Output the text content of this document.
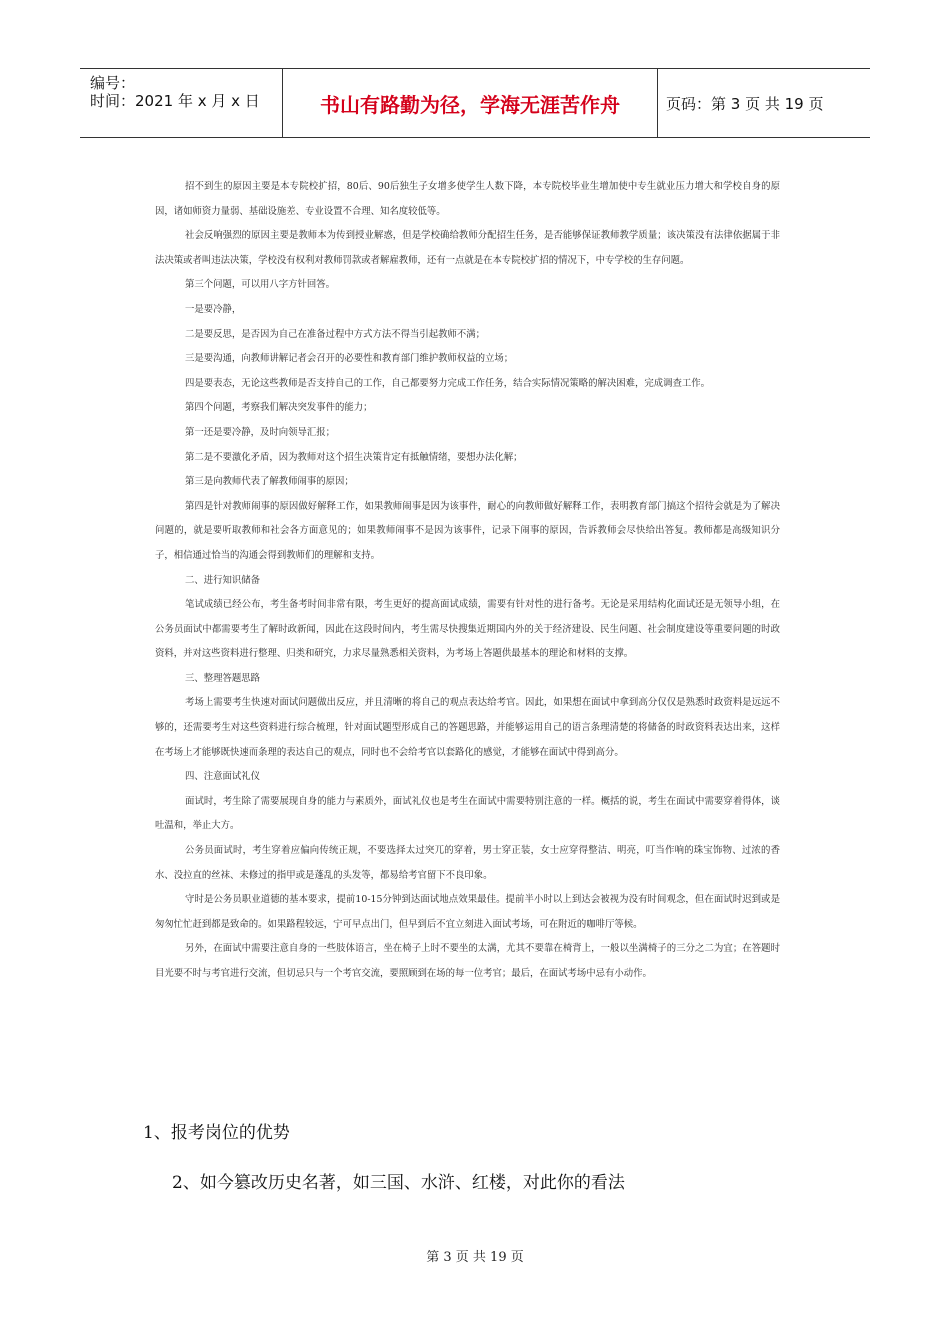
编号：
时间：2021 年 x 月 x 日	书山有路勤为径，学海无涯苦作舟	页码：第 3 页 共 19 页

招不到生的原因主要是本专院校扩招，80后、90后独生子女增多使学生人数下降，本专院校毕业生增加使中专生就业压力增大和学校自身的原因，诸如师资力量弱、基础设施差、专业设置不合理、知名度较低等。

社会反响强烈的原因主要是教师本为传到授业解惑，但是学校确给教师分配招生任务，是否能够保证教师教学质量；该决策没有法律依据属于非法决策或者叫违法决策，学校没有权利对教师罚款或者解雇教师，还有一点就是在本专院校扩招的情况下，中专学校的生存问题。

第三个问题，可以用八字方针回答。

一是要冷静，

二是要反思，是否因为自己在准备过程中方式方法不得当引起教师不满；

三是要沟通，向教师讲解记者会召开的必要性和教育部门维护教师权益的立场；

四是要表态，无论这些教师是否支持自己的工作，自己都要努力完成工作任务，结合实际情况策略的解决困难，完成调查工作。

第四个问题，考察我们解决突发事件的能力；

第一还是要冷静，及时向领导汇报；

第二是不要激化矛盾，因为教师对这个招生决策肯定有抵触情绪，要想办法化解；

第三是向教师代表了解教师闹事的原因；

第四是针对教师闹事的原因做好解释工作，如果教师闹事是因为该事件，耐心的向教师做好解释工作，表明教育部门搞这个招待会就是为了解决问题的，就是要听取教师和社会各方面意见的；如果教师闹事不是因为该事件，记录下闹事的原因，告诉教师会尽快给出答复。教师都是高级知识分子，相信通过恰当的沟通会得到教师们的理解和支持。

二、进行知识储备

笔试成绩已经公布，考生备考时间非常有限，考生更好的提高面试成绩，需要有针对性的进行备考。无论是采用结构化面试还是无领导小组，在公务员面试中都需要考生了解时政新闻，因此在这段时间内，考生需尽快搜集近期国内外的关于经济建设、民生问题、社会制度建设等重要问题的时政资料，并对这些资料进行整理、归类和研究，力求尽量熟悉相关资料，为考场上答题供最基本的理论和材料的支撑。

三、整理答题思路

考场上需要考生快速对面试问题做出反应，并且清晰的将自己的观点表达给考官。因此，如果想在面试中拿到高分仅仅是熟悉时政资料是远远不够的，还需要考生对这些资料进行综合梳理，针对面试题型形成自己的答题思路，并能够运用自己的语言条理清楚的将储备的时政资料表达出来，这样在考场上才能够既快速而条理的表达自己的观点，同时也不会给考官以套路化的感觉，才能够在面试中得到高分。

四、注意面试礼仪

面试时，考生除了需要展现自身的能力与素质外，面试礼仪也是考生在面试中需要特别注意的一样。概括的说，考生在面试中需要穿着得体，谈吐温和，举止大方。

公务员面试时，考生穿着应偏向传统正规，不要选择太过突兀的穿着，男士穿正装，女士应穿得整洁、明亮，叮当作响的珠宝饰物、过浓的香水、没拉直的丝袜、未修过的指甲或是蓬乱的头发等，都易给考官留下不良印象。

守时是公务员职业道德的基本要求，提前10-15分钟到达面试地点效果最佳。提前半小时以上到达会被视为没有时间观念，但在面试时迟到或是匆匆忙忙赶到都是致命的。如果路程较远，宁可早点出门，但早到后不宜立刻进入面试考场，可在附近的咖啡厅等候。

另外，在面试中需要注意自身的一些肢体语言，坐在椅子上时不要坐的太满，尤其不要靠在椅背上，一般以坐满椅子的三分之二为宜；在答题时目光要不时与考官进行交流，但切忌只与一个考官交流，要照顾到在场的每一位考官；最后，在面试考场中忌有小动作。

1、报考岗位的优势
2、如今篡改历史名著，如三国、水浒、红楼，对此你的看法
第 3 页 共 19 页
